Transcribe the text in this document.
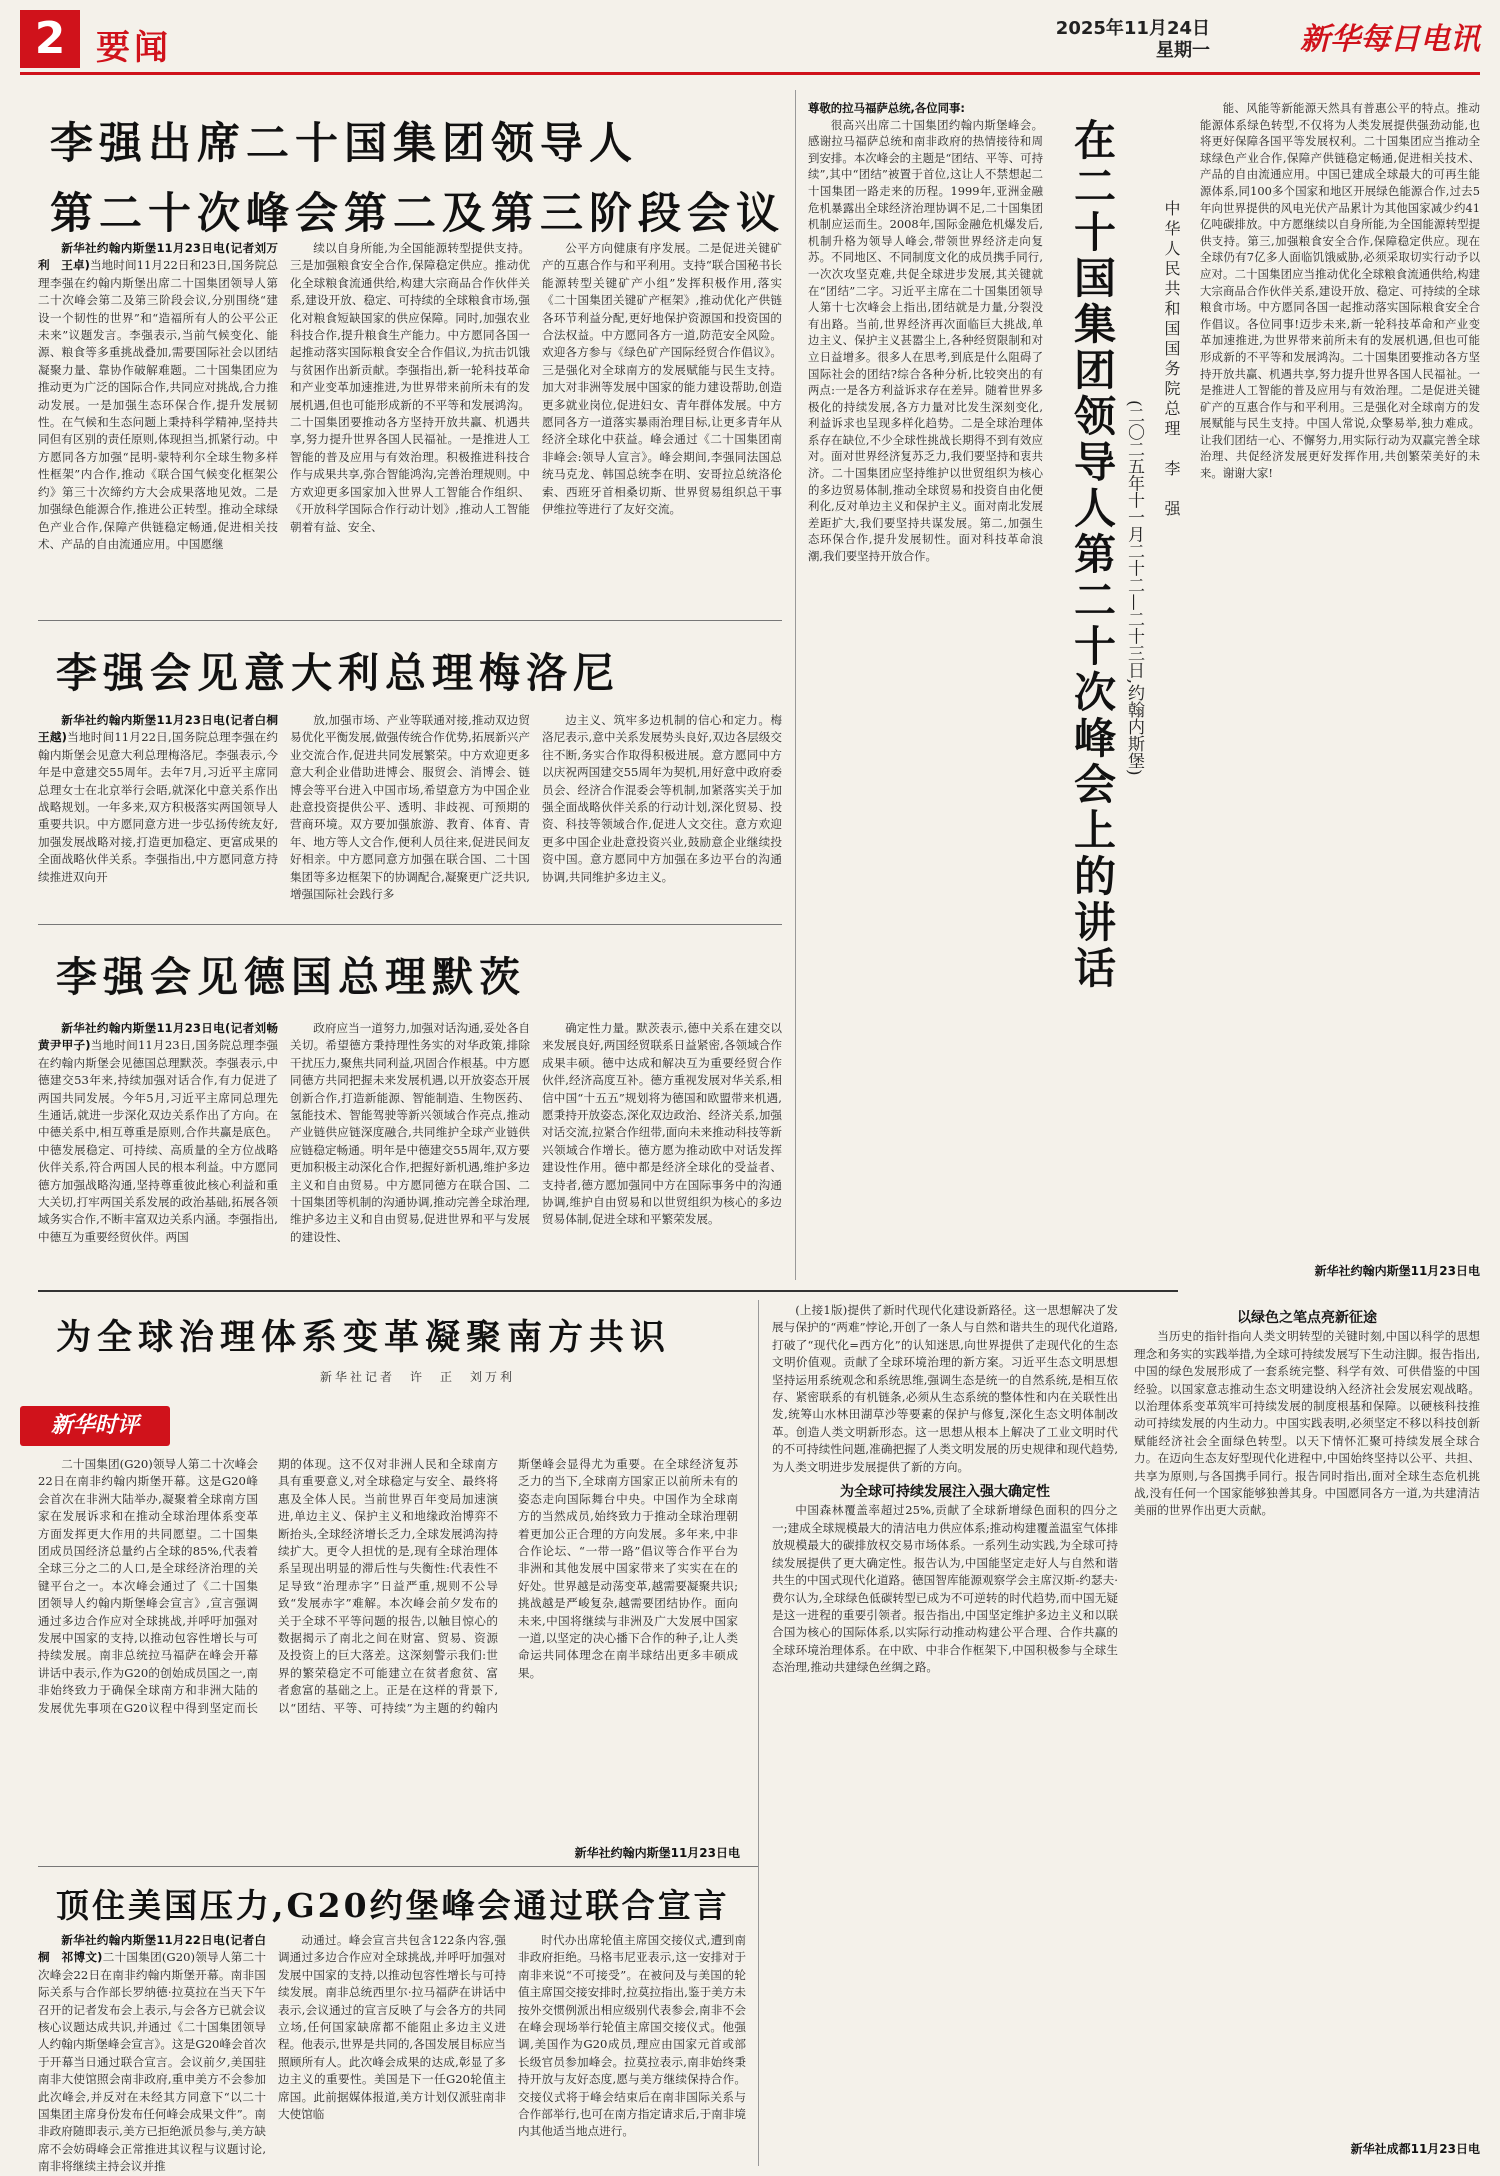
2 要闻	2025年11月24日
星期一	新华每日电讯
李强出席二十国集团领导人
第二十次峰会第二及第三阶段会议

新华社约翰内斯堡11月23日电(记者刘万利　王卓)当地时间11月22日和23日,国务院总理李强在约翰内斯堡出席二十国集团领导人第二十次峰会第二及第三阶段会议,分别围绕“建设一个韧性的世界”和“造福所有人的公平公正未来”议题发言。李强表示,当前气候变化、能源、粮食等多重挑战叠加,需要国际社会以团结凝聚力量、靠协作破解难题。二十国集团应为推动更为广泛的国际合作,共同应对挑战,合力推动发展。一是加强生态环保合作,提升发展韧性。在气候和生态问题上秉持科学精神,坚持共同但有区别的责任原则,体现担当,抓紧行动。中方愿同各方加强“昆明-蒙特利尔全球生物多样性框架”内合作,推动《联合国气候变化框架公约》第三十次缔约方大会成果落地见效。二是加强绿色能源合作,推进公正转型。推动全球绿色产业合作,保障产供链稳定畅通,促进相关技术、产品的自由流通应用。中国愿继

续以自身所能,为全国能源转型提供支持。三是加强粮食安全合作,保障稳定供应。推动优化全球粮食流通供给,构建大宗商品合作伙伴关系,建设开放、稳定、可持续的全球粮食市场,强化对粮食短缺国家的供应保障。同时,加强农业科技合作,提升粮食生产能力。中方愿同各国一起推动落实国际粮食安全合作倡议,为抗击饥饿与贫困作出新贡献。李强指出,新一轮科技革命和产业变革加速推进,为世界带来前所未有的发展机遇,但也可能形成新的不平等和发展鸿沟。二十国集团要推动各方坚持开放共赢、机遇共享,努力提升世界各国人民福祉。一是推进人工智能的普及应用与有效治理。积极推进科技合作与成果共享,弥合智能鸿沟,完善治理规则。中方欢迎更多国家加入世界人工智能合作组织、《开放科学国际合作行动计划》,推动人工智能朝着有益、安全、

公平方向健康有序发展。二是促进关键矿产的互惠合作与和平利用。支持“联合国秘书长能源转型关键矿产小组”发挥积极作用,落实《二十国集团关键矿产框架》,推动优化产供链各环节利益分配,更好地保护资源国和投资国的合法权益。中方愿同各方一道,防范安全风险。欢迎各方参与《绿色矿产国际经贸合作倡议》。三是强化对全球南方的发展赋能与民生支持。加大对非洲等发展中国家的能力建设帮助,创造更多就业岗位,促进妇女、青年群体发展。中方愿同各方一道落实暴雨治理目标,让更多青年从经济全球化中获益。峰会通过《二十国集团南非峰会:领导人宣言》。峰会期间,李强同法国总统马克龙、韩国总统李在明、安哥拉总统洛伦索、西班牙首相桑切斯、世界贸易组织总干事伊维拉等进行了友好交流。

李强会见意大利总理梅洛尼

新华社约翰内斯堡11月23日电(记者白桐　王越)当地时间11月22日,国务院总理李强在约翰内斯堡会见意大利总理梅洛尼。李强表示,今年是中意建交55周年。去年7月,习近平主席同总理女士在北京举行会晤,就深化中意关系作出战略规划。一年多来,双方积极落实两国领导人重要共识。中方愿同意方进一步弘扬传统友好,加强发展战略对接,打造更加稳定、更富成果的全面战略伙伴关系。李强指出,中方愿同意方持续推进双向开

放,加强市场、产业等联通对接,推动双边贸易优化平衡发展,做强传统合作优势,拓展新兴产业交流合作,促进共同发展繁荣。中方欢迎更多意大利企业借助进博会、服贸会、消博会、链博会等平台进入中国市场,希望意方为中国企业赴意投资提供公平、透明、非歧视、可预期的营商环境。双方要加强旅游、教育、体育、青年、地方等人文合作,便利人员往来,促进民间友好相亲。中方愿同意方加强在联合国、二十国集团等多边框架下的协调配合,凝聚更广泛共识,增强国际社会践行多

边主义、筑牢多边机制的信心和定力。梅洛尼表示,意中关系发展势头良好,双边各层级交往不断,务实合作取得积极进展。意方愿同中方以庆祝两国建交55周年为契机,用好意中政府委员会、经济合作混委会等机制,加紧落实关于加强全面战略伙伴关系的行动计划,深化贸易、投资、科技等领域合作,促进人文交往。意方欢迎更多中国企业赴意投资兴业,鼓励意企业继续投资中国。意方愿同中方加强在多边平台的沟通协调,共同维护多边主义。

李强会见德国总理默茨

新华社约翰内斯堡11月23日电(记者刘畅　黄尹甲子)当地时间11月23日,国务院总理李强在约翰内斯堡会见德国总理默茨。李强表示,中德建交53年来,持续加强对话合作,有力促进了两国共同发展。今年5月,习近平主席同总理先生通话,就进一步深化双边关系作出了方向。在中德关系中,相互尊重是原则,合作共赢是底色。中德发展稳定、可持续、高质量的全方位战略伙伴关系,符合两国人民的根本利益。中方愿同德方加强战略沟通,坚持尊重彼此核心利益和重大关切,打牢两国关系发展的政治基础,拓展各领域务实合作,不断丰富双边关系内涵。李强指出,中德互为重要经贸伙伴。两国

政府应当一道努力,加强对话沟通,妥处各自关切。希望德方秉持理性务实的对华政策,排除干扰压力,聚焦共同利益,巩固合作根基。中方愿同德方共同把握未来发展机遇,以开放姿态开展创新合作,打造新能源、智能制造、生物医药、氢能技术、智能驾驶等新兴领域合作亮点,推动产业链供应链深度融合,共同维护全球产业链供应链稳定畅通。明年是中德建交55周年,双方要更加积极主动深化合作,把握好新机遇,维护多边主义和自由贸易。中方愿同德方在联合国、二十国集团等机制的沟通协调,推动完善全球治理,维护多边主义和自由贸易,促进世界和平与发展的建设性、

确定性力量。默茨表示,德中关系在建交以来发展良好,两国经贸联系日益紧密,各领域合作成果丰硕。德中达成和解决互为重要经贸合作伙伴,经济高度互补。德方重视发展对华关系,相信中国“十五五”规划将为德国和欧盟带来机遇,愿秉持开放姿态,深化双边政治、经济关系,加强对话交流,拉紧合作纽带,面向未来推动科技等新兴领域合作增长。德方愿为推动欧中对话发挥建设性作用。德中都是经济全球化的受益者、支持者,德方愿加强同中方在国际事务中的沟通协调,维护自由贸易和以世贸组织为核心的多边贸易体制,促进全球和平繁荣发展。

尊敬的拉马福萨总统,各位同事:

很高兴出席二十国集团约翰内斯堡峰会。感谢拉马福萨总统和南非政府的热情接待和周到安排。本次峰会的主题是“团结、平等、可持续”,其中“团结”被置于首位,这让人不禁想起二十国集团一路走来的历程。1999年,亚洲金融危机暴露出全球经济治理协调不足,二十国集团机制应运而生。2008年,国际金融危机爆发后,机制升格为领导人峰会,带领世界经济走向复苏。不同地区、不同制度文化的成员携手同行,一次次攻坚克难,共促全球进步发展,其关键就在“团结”二字。习近平主席在二十国集团领导人第十七次峰会上指出,团结就是力量,分裂没有出路。当前,世界经济再次面临巨大挑战,单边主义、保护主义甚嚣尘上,各种经贸限制和对立日益增多。很多人在思考,到底是什么阻碍了国际社会的团结?综合各种分析,比较突出的有两点:一是各方利益诉求存在差异。随着世界多极化的持续发展,各方力量对比发生深刻变化,利益诉求也呈现多样化趋势。二是全球治理体系存在缺位,不少全球性挑战长期得不到有效应对。面对世界经济复苏乏力,我们要坚持和衷共济。二十国集团应坚持维护以世贸组织为核心的多边贸易体制,推动全球贸易和投资自由化便利化,反对单边主义和保护主义。面对南北发展差距扩大,我们要坚持共谋发展。第二,加强生态环保合作,提升发展韧性。面对科技革命浪潮,我们要坚持开放合作。	在二十国集团领导人第二十次峰会上的讲话 (二〇二五年十一月二十二—二十三日,约翰内斯堡)
中华人民共和国国务院总理　李　强

能、风能等新能源天然具有普惠公平的特点。推动能源体系绿色转型,不仅将为人类发展提供强劲动能,也将更好保障各国平等发展权利。二十国集团应当推动全球绿色产业合作,保障产供链稳定畅通,促进相关技术、产品的自由流通应用。中国已建成全球最大的可再生能源体系,同100多个国家和地区开展绿色能源合作,过去5年向世界提供的风电光伏产品累计为其他国家减少约41亿吨碳排放。中方愿继续以自身所能,为全国能源转型提供支持。第三,加强粮食安全合作,保障稳定供应。现在全球仍有7亿多人面临饥饿威胁,必须采取切实行动予以应对。二十国集团应当推动优化全球粮食流通供给,构建大宗商品合作伙伴关系,建设开放、稳定、可持续的全球粮食市场。中方愿同各国一起推动落实国际粮食安全合作倡议。各位同事!迈步未来,新一轮科技革命和产业变革加速推进,为世界带来前所未有的发展机遇,但也可能形成新的不平等和发展鸿沟。二十国集团要推动各方坚持开放共赢、机遇共享,努力提升世界各国人民福祉。一是推进人工智能的普及应用与有效治理。二是促进关键矿产的互惠合作与和平利用。三是强化对全球南方的发展赋能与民生支持。中国人常说,众擎易举,独力难成。让我们团结一心、不懈努力,用实际行动为双赢完善全球治理、共促经济发展更好发挥作用,共创繁荣美好的未来。谢谢大家!

新华社约翰内斯堡11月23日电
为全球治理体系变革凝聚南方共识
新华社记者　许　正　刘万利
新华时评

二十国集团(G20)领导人第二十次峰会22日在南非约翰内斯堡开幕。这是G20峰会首次在非洲大陆举办,凝聚着全球南方国家在发展诉求和在推动全球治理体系变革方面发挥更大作用的共同愿望。二十国集团成员国经济总量约占全球的85%,代表着全球三分之二的人口,是全球经济治理的关键平台之一。本次峰会通过了《二十国集团领导人约翰内斯堡峰会宣言》,宣言强调通过多边合作应对全球挑战,并呼吁加强对发展中国家的支持,以推动包容性增长与可持续发展。南非总统拉马福萨在峰会开幕讲话中表示,作为G20的创始成员国之一,南非始终致力于确保全球南方和非洲大陆的发展优先事项在G20议程中得到坚定而长期的体现。这不仅对非洲人民和全球南方具有重要意义,对全球稳定与安全、最终将惠及全体人民。当前世界百年变局加速演进,单边主义、保护主义和地缘政治博弈不断抬头,全球经济增长乏力,全球发展鸿沟持续扩大。更令人担忧的是,现有全球治理体系呈现出明显的滞后性与失衡性:代表性不足导致“治理赤字”日益严重,规则不公导致“发展赤字”难解。本次峰会前夕发布的关于全球不平等问题的报告,以触目惊心的数据揭示了南北之间在财富、贸易、资源及投资上的巨大落差。这深刻警示我们:世界的繁荣稳定不可能建立在贫者愈贫、富者愈富的基础之上。正是在这样的背景下,以“团结、平等、可持续”为主题的约翰内斯堡峰会显得尤为重要。在全球经济复苏乏力的当下,全球南方国家正以前所未有的姿态走向国际舞台中央。中国作为全球南方的当然成员,始终致力于推动全球治理朝着更加公正合理的方向发展。多年来,中非合作论坛、“一带一路”倡议等合作平台为非洲和其他发展中国家带来了实实在在的好处。世界越是动荡变革,越需要凝聚共识;挑战越是严峻复杂,越需要团结协作。面向未来,中国将继续与非洲及广大发展中国家一道,以坚定的决心播下合作的种子,让人类命运共同体理念在南半球结出更多丰硕成果。

新华社约翰内斯堡11月23日电
顶住美国压力,G20约堡峰会通过联合宣言

新华社约翰内斯堡11月22日电(记者白桐　祁博文)二十国集团(G20)领导人第二十次峰会22日在南非约翰内斯堡开幕。南非国际关系与合作部长罗纳德·拉莫拉在当天下午召开的记者发布会上表示,与会各方已就会议核心议题达成共识,并通过《二十国集团领导人约翰内斯堡峰会宣言》。这是G20峰会首次于开幕当日通过联合宣言。会议前夕,美国驻南非大使馆照会南非政府,重申美方不会参加此次峰会,并反对在未经其方同意下“以二十国集团主席身份发布任何峰会成果文件”。南非政府随即表示,美方已拒绝派员参与,美方缺席不会妨碍峰会正常推进其议程与议题讨论,南非将继续主持会议并推

动通过。峰会宣言共包含122条内容,强调通过多边合作应对全球挑战,并呼吁加强对发展中国家的支持,以推动包容性增长与可持续发展。南非总统西里尔·拉马福萨在讲话中表示,会议通过的宣言反映了与会各方的共同立场,任何国家缺席都不能阻止多边主义进程。他表示,世界是共同的,各国发展目标应当照顾所有人。此次峰会成果的达成,彰显了多边主义的重要性。美国是下一任G20轮值主席国。此前据媒体报道,美方计划仅派驻南非大使馆临

时代办出席轮值主席国交接仪式,遭到南非政府拒绝。马格韦尼亚表示,这一安排对于南非来说“不可接受”。在被问及与美国的轮值主席国交接安排时,拉莫拉指出,鉴于美方未按外交惯例派出相应级别代表参会,南非不会在峰会现场举行轮值主席国交接仪式。他强调,美国作为G20成员,理应由国家元首或部长级官员参加峰会。拉莫拉表示,南非始终秉持开放与友好态度,愿与美方继续保持合作。交接仪式将于峰会结束后在南非国际关系与合作部举行,也可在南方指定请求后,于南非境内其他适当地点进行。

(上接1版)提供了新时代现代化建设新路径。这一思想解决了发展与保护的“两难”悖论,开创了一条人与自然和谐共生的现代化道路,打破了“现代化=西方化”的认知迷思,向世界提供了走现代化的生态文明价值观。贡献了全球环境治理的新方案。习近平生态文明思想坚持运用系统观念和系统思维,强调生态是统一的自然系统,是相互依存、紧密联系的有机链条,必须从生态系统的整体性和内在关联性出发,统筹山水林田湖草沙等要素的保护与修复,深化生态文明体制改革。创造人类文明新形态。这一思想从根本上解决了工业文明时代的不可持续性问题,准确把握了人类文明发展的历史规律和现代趋势,为人类文明进步发展提供了新的方向。

为全球可持续发展注入强大确定性

中国森林覆盖率超过25%,贡献了全球新增绿色面积的四分之一;建成全球规模最大的清洁电力供应体系;推动构建覆盖温室气体排放规模最大的碳排放权交易市场体系。一系列生动实践,为全球可持续发展提供了更大确定性。报告认为,中国能坚定走好人与自然和谐共生的中国式现代化道路。德国智库能源观察学会主席汉斯-约瑟夫·费尔认为,全球绿色低碳转型已成为不可逆转的时代趋势,而中国无疑是这一进程的重要引领者。报告指出,中国坚定维护多边主义和以联合国为核心的国际体系,以实际行动推动构建公平合理、合作共赢的全球环境治理体系。在中欧、中非合作框架下,中国积极参与全球生态治理,推动共建绿色丝绸之路。

以绿色之笔点亮新征途

当历史的指针指向人类文明转型的关键时刻,中国以科学的思想理念和务实的实践举措,为全球可持续发展写下生动注脚。报告指出,中国的绿色发展形成了一套系统完整、科学有效、可供借鉴的中国经验。以国家意志推动生态文明建设纳入经济社会发展宏观战略。以治理体系变革筑牢可持续发展的制度根基和保障。以硬核科技推动可持续发展的内生动力。中国实践表明,必须坚定不移以科技创新赋能经济社会全面绿色转型。以天下情怀汇聚可持续发展全球合力。在迈向生态友好型现代化进程中,中国始终坚持以公平、共担、共享为原则,与各国携手同行。报告同时指出,面对全球生态危机挑战,没有任何一个国家能够独善其身。中国愿同各方一道,为共建清洁美丽的世界作出更大贡献。

新华社成都11月23日电
